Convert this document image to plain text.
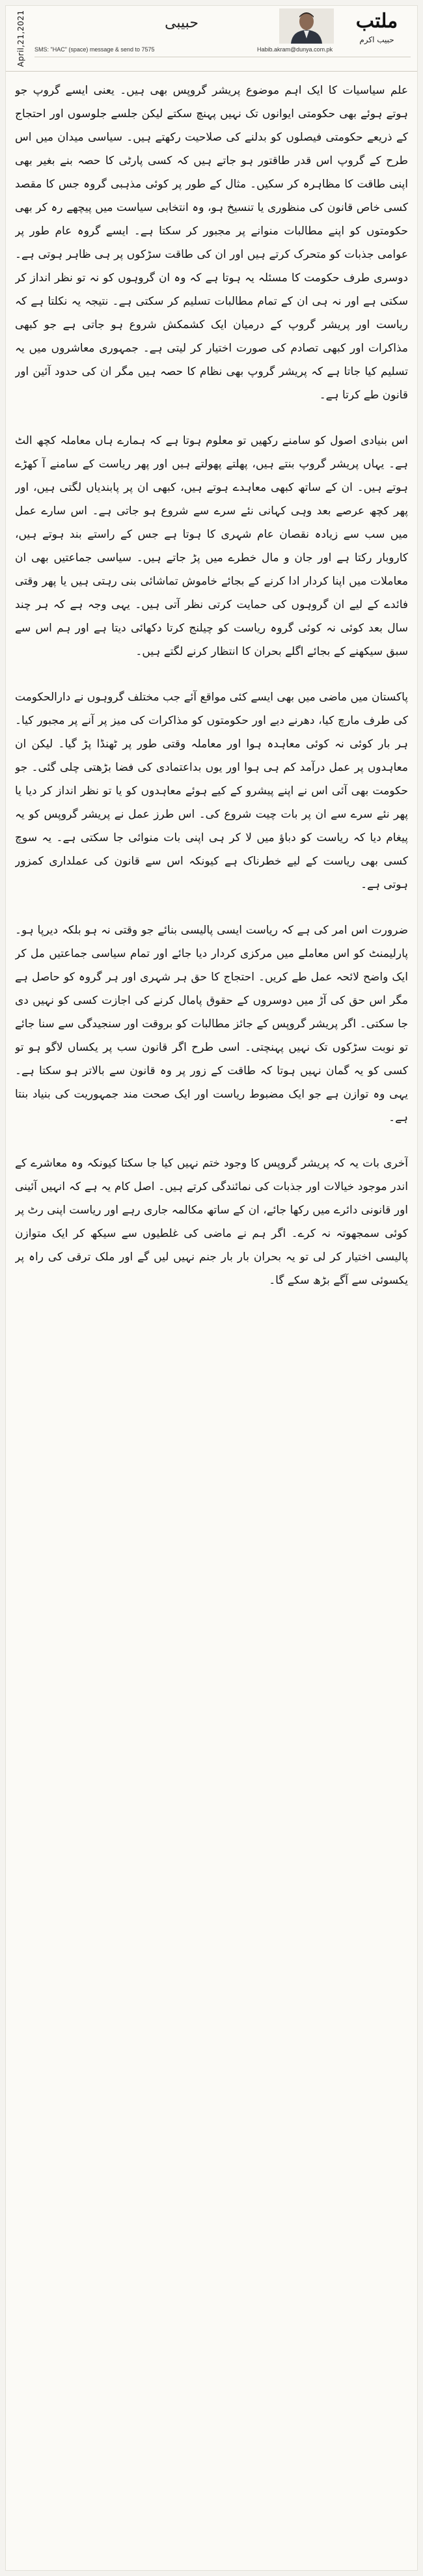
April,21,2021	حبیبی	ملتب
حبیب اکرم
SMS: "HAC" (space) message & send to 7575	Habib.akram@dunya.com.pk

علم سیاسیات کا ایک اہم موضوع پریشر گروپس بھی ہیں۔ یعنی ایسے گروپ جو ہوتے ہوئے بھی حکومتی ایوانوں تک نہیں پہنچ سکتے لیکن جلسے جلوسوں اور احتجاج کے ذریعے حکومتی فیصلوں کو بدلنے کی صلاحیت رکھتے ہیں۔ سیاسی میدان میں اس طرح کے گروپ اس قدر طاقتور ہو جاتے ہیں کہ کسی پارٹی کا حصہ بنے بغیر بھی اپنی طاقت کا مظاہرہ کر سکیں۔ مثال کے طور پر کوئی مذہبی گروہ جس کا مقصد کسی خاص قانون کی منظوری یا تنسیخ ہو، وہ انتخابی سیاست میں پیچھے رہ کر بھی حکومتوں کو اپنے مطالبات منوانے پر مجبور کر سکتا ہے۔ ایسے گروہ عام طور پر عوامی جذبات کو متحرک کرتے ہیں اور ان کی طاقت سڑکوں پر ہی ظاہر ہوتی ہے۔ دوسری طرف حکومت کا مسئلہ یہ ہوتا ہے کہ وہ ان گروہوں کو نہ تو نظر انداز کر سکتی ہے اور نہ ہی ان کے تمام مطالبات تسلیم کر سکتی ہے۔ نتیجہ یہ نکلتا ہے کہ ریاست اور پریشر گروپ کے درمیان ایک کشمکش شروع ہو جاتی ہے جو کبھی مذاکرات اور کبھی تصادم کی صورت اختیار کر لیتی ہے۔ جمہوری معاشروں میں یہ تسلیم کیا جاتا ہے کہ پریشر گروپ بھی نظام کا حصہ ہیں مگر ان کی حدود آئین اور قانون طے کرتا ہے۔

اس بنیادی اصول کو سامنے رکھیں تو معلوم ہوتا ہے کہ ہمارے ہاں معاملہ کچھ الٹ ہے۔ یہاں پریشر گروپ بنتے ہیں، پھلتے پھولتے ہیں اور پھر ریاست کے سامنے آ کھڑے ہوتے ہیں۔ ان کے ساتھ کبھی معاہدے ہوتے ہیں، کبھی ان پر پابندیاں لگتی ہیں، اور پھر کچھ عرصے بعد وہی کہانی نئے سرے سے شروع ہو جاتی ہے۔ اس سارے عمل میں سب سے زیادہ نقصان عام شہری کا ہوتا ہے جس کے راستے بند ہوتے ہیں، کاروبار رکتا ہے اور جان و مال خطرے میں پڑ جاتے ہیں۔ سیاسی جماعتیں بھی ان معاملات میں اپنا کردار ادا کرنے کے بجائے خاموش تماشائی بنی رہتی ہیں یا پھر وقتی فائدے کے لیے ان گروہوں کی حمایت کرتی نظر آتی ہیں۔ یہی وجہ ہے کہ ہر چند سال بعد کوئی نہ کوئی گروہ ریاست کو چیلنج کرتا دکھائی دیتا ہے اور ہم اس سے سبق سیکھنے کے بجائے اگلے بحران کا انتظار کرنے لگتے ہیں۔

پاکستان میں ماضی میں بھی ایسے کئی مواقع آئے جب مختلف گروہوں نے دارالحکومت کی طرف مارچ کیا، دھرنے دیے اور حکومتوں کو مذاکرات کی میز پر آنے پر مجبور کیا۔ ہر بار کوئی نہ کوئی معاہدہ ہوا اور معاملہ وقتی طور پر ٹھنڈا پڑ گیا۔ لیکن ان معاہدوں پر عمل درآمد کم ہی ہوا اور یوں بداعتمادی کی فضا بڑھتی چلی گئی۔ جو حکومت بھی آئی اس نے اپنے پیشرو کے کیے ہوئے معاہدوں کو یا تو نظر انداز کر دیا یا پھر نئے سرے سے ان پر بات چیت شروع کی۔ اس طرز عمل نے پریشر گروپس کو یہ پیغام دیا کہ ریاست کو دباؤ میں لا کر ہی اپنی بات منوائی جا سکتی ہے۔ یہ سوچ کسی بھی ریاست کے لیے خطرناک ہے کیونکہ اس سے قانون کی عملداری کمزور ہوتی ہے۔

ضرورت اس امر کی ہے کہ ریاست ایسی پالیسی بنائے جو وقتی نہ ہو بلکہ دیرپا ہو۔ پارلیمنٹ کو اس معاملے میں مرکزی کردار دیا جائے اور تمام سیاسی جماعتیں مل کر ایک واضح لائحہ عمل طے کریں۔ احتجاج کا حق ہر شہری اور ہر گروہ کو حاصل ہے مگر اس حق کی آڑ میں دوسروں کے حقوق پامال کرنے کی اجازت کسی کو نہیں دی جا سکتی۔ اگر پریشر گروپس کے جائز مطالبات کو بروقت اور سنجیدگی سے سنا جائے تو نوبت سڑکوں تک نہیں پہنچتی۔ اسی طرح اگر قانون سب پر یکساں لاگو ہو تو کسی کو یہ گمان نہیں ہوتا کہ طاقت کے زور پر وہ قانون سے بالاتر ہو سکتا ہے۔ یہی وہ توازن ہے جو ایک مضبوط ریاست اور ایک صحت مند جمہوریت کی بنیاد بنتا ہے۔

آخری بات یہ کہ پریشر گروپس کا وجود ختم نہیں کیا جا سکتا کیونکہ وہ معاشرے کے اندر موجود خیالات اور جذبات کی نمائندگی کرتے ہیں۔ اصل کام یہ ہے کہ انہیں آئینی اور قانونی دائرے میں رکھا جائے، ان کے ساتھ مکالمہ جاری رہے اور ریاست اپنی رٹ پر کوئی سمجھوتہ نہ کرے۔ اگر ہم نے ماضی کی غلطیوں سے سیکھ کر ایک متوازن پالیسی اختیار کر لی تو یہ بحران بار بار جنم نہیں لیں گے اور ملک ترقی کی راہ پر یکسوئی سے آگے بڑھ سکے گا۔
